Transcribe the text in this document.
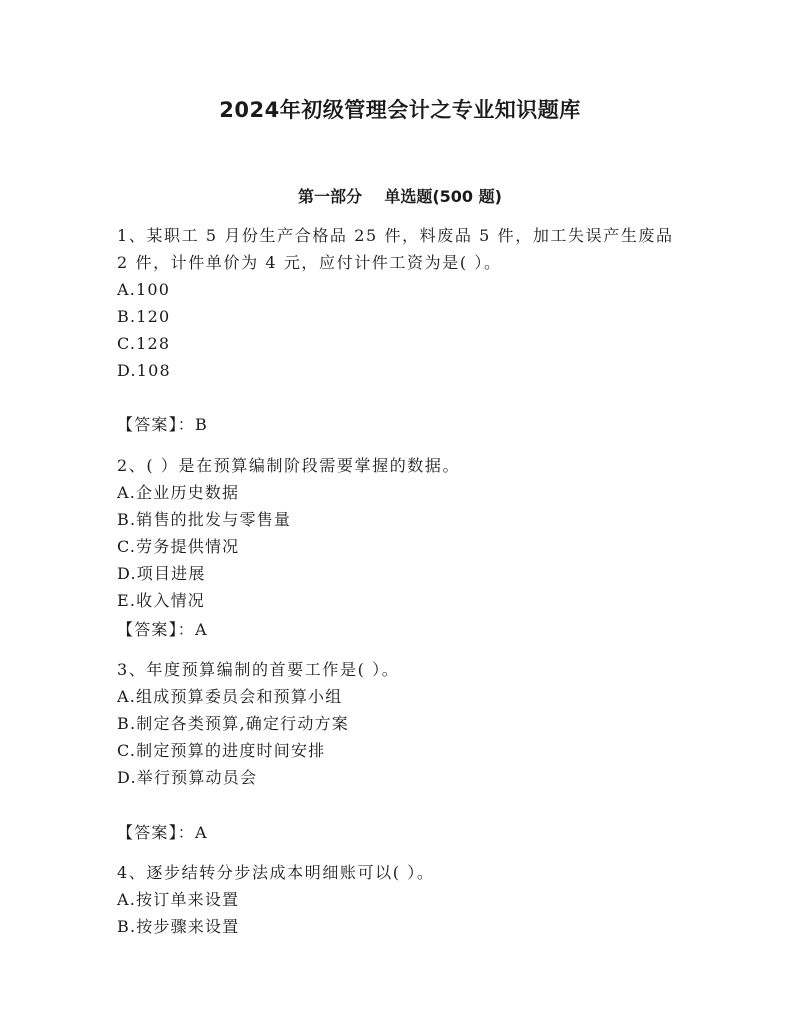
2024年初级管理会计之专业知识题库
第一部分    单选题(500 题)
1、某职工 5 月份生产合格品 25 件，料废品 5 件，加工失误产生废品
2 件，计件单价为 4 元，应付计件工资为是( ）。
A.100
B.120
C.128
D.108
【答案】：B
2、( ）是在预算编制阶段需要掌握的数据。
A.企业历史数据
B.销售的批发与零售量
C.劳务提供情况
D.项目进展
E.收入情况
【答案】：A
3、年度预算编制的首要工作是( ）。
A.组成预算委员会和预算小组
B.制定各类预算,确定行动方案
C.制定预算的进度时间安排
D.举行预算动员会
【答案】：A
4、逐步结转分步法成本明细账可以( ）。
A.按订单来设置
B.按步骤来设置
